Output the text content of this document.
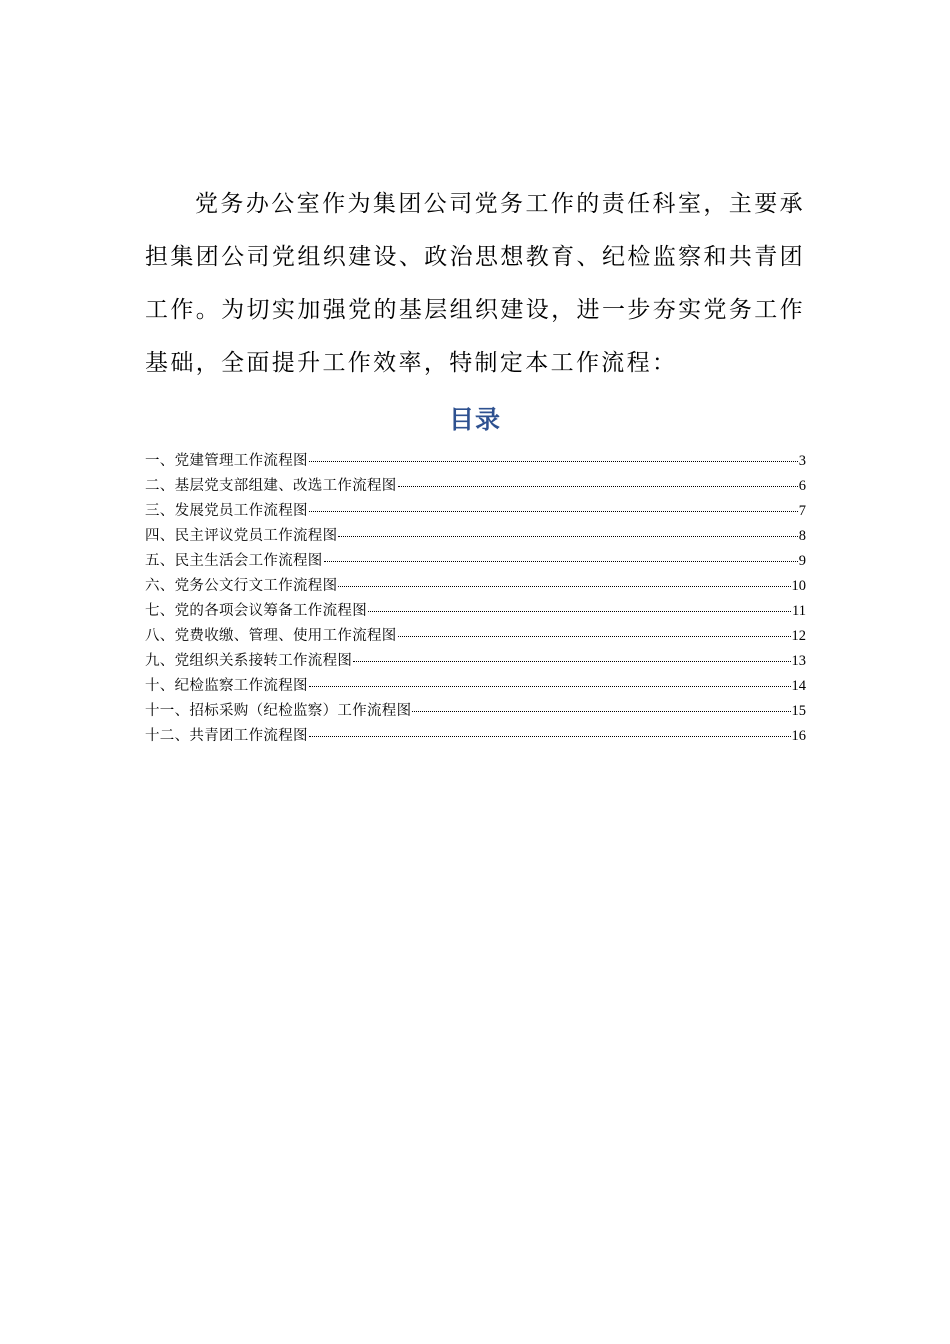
党务办公室作为集团公司党务工作的责任科室，主要承担集团公司党组织建设、政治思想教育、纪检监察和共青团工作。为切实加强党的基层组织建设，进一步夯实党务工作基础，全面提升工作效率，特制定本工作流程：

目录
一、党建管理工作流程图	3
二、基层党支部组建、改选工作流程图	6
三、发展党员工作流程图	7
四、民主评议党员工作流程图	8
五、民主生活会工作流程图	9
六、党务公文行文工作流程图	10
七、党的各项会议筹备工作流程图	11
八、党费收缴、管理、使用工作流程图	12
九、党组织关系接转工作流程图	13
十、纪检监察工作流程图	14
十一、招标采购（纪检监察）工作流程图	15
十二、共青团工作流程图	16
